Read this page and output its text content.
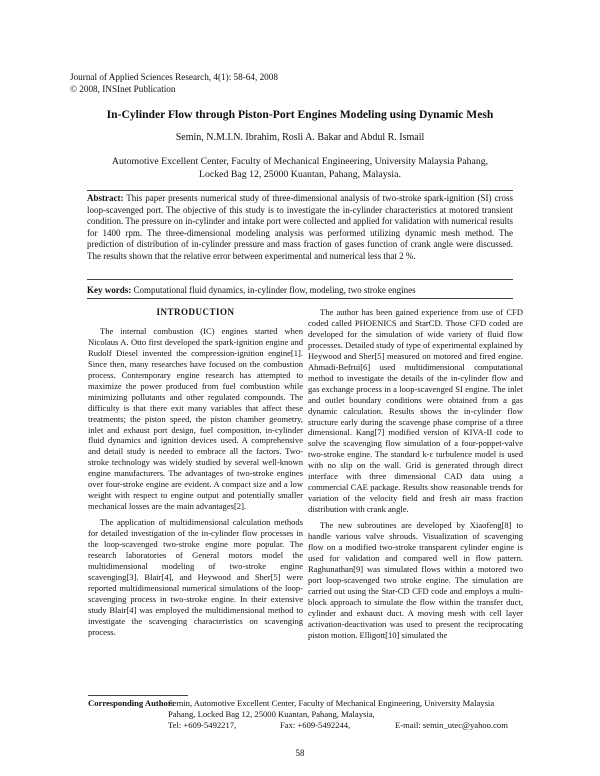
Journal of Applied Sciences Research, 4(1): 58-64, 2008
© 2008, INSInet Publication
In-Cylinder Flow through Piston-Port Engines Modeling using Dynamic Mesh
Semin, N.M.I.N. Ibrahim, Rosli A. Bakar and Abdul R. Ismail
Automotive Excellent Center, Faculty of Mechanical Engineering, University Malaysia Pahang,
Locked Bag 12, 25000 Kuantan, Pahang, Malaysia.
Abstract: This paper presents numerical study of three-dimensional analysis of two-stroke spark-ignition (SI) cross loop-scavenged port. The objective of this study is to investigate the in-cylinder characteristics at motored transient condition. The pressure on in-cylinder and intake port were collected and applied for validation with numerical results for 1400 rpm. The three-dimensional modeling analysis was performed utilizing dynamic mesh method. The prediction of distribution of in-cylinder pressure and mass fraction of gases function of crank angle were discussed. The results shown that the relative error between experimental and numerical less that 2 %.
Key words: Computational fluid dynamics, in-cylinder flow, modeling, two stroke engines
INTRODUCTION

The internal combustion (IC) engines started when Nicolaus A. Otto first developed the spark-ignition engine and Rudolf Diesel invented the compression-ignition engine[1]. Since then, many researches have focused on the combustion process. Contemporary engine research has attempted to maximize the power produced from fuel combustion while minimizing pollutants and other regulated compounds. The difficulty is that there exit many variables that affect these treatments; the piston speed, the piston chamber geometry, inlet and exhaust port design, fuel composition, in-cylinder fluid dynamics and ignition devices used. A comprehensive and detail study is needed to embrace all the factors. Two-stroke technology was widely studied by several well-known engine manufacturers. The advantages of two-stroke engines over four-stroke engine are evident. A compact size and a low weight with respect to engine output and potentially smaller mechanical losses are the main advantages[2].

The application of multidimensional calculation methods for detailed investigation of the in-cylinder flow processes in the loop-scavenged two-stroke engine more popular. The research laboratories of General motors model the multidimensional modeling of two-stroke engine scavenging[3]. Blair[4], and Heywood and Sher[5] were reported multidimensional numerical simulations of the loop-scavenging process in two-stroke engine. In their extensive study Blair[4] was employed the multidimensional method to investigate the scavenging characteristics on scavenging process.

The author has been gained experience from use of CFD coded called PHOENICS and StarCD. Those CFD coded are developed for the simulation of wide variety of fluid flow processes. Detailed study of type of experimental explained by Heywood and Sher[5] measured on motored and fired engine. Ahmadi-Befrui[6] used multidimensional computational method to investigate the details of the in-cylinder flow and gas exchange process in a loop-scavenged SI engine. The inlet and outlet boundary conditions were obtained from a gas dynamic calculation. Results shows the in-cylinder flow structure early during the scavenge phase comprise of a three dimensional. Kang[7] modified version of KIVA-II code to solve the scavenging flow simulation of a four-poppet-valve two-stroke engine. The standard k-ε turbulence model is used with no slip on the wall. Grid is generated through direct interface with three dimensional CAD data using a commercial CAE package. Results show reasonable trends for variation of the velocity field and fresh air mass fraction distribution with crank angle.

The new subroutines are developed by Xiaofeng[8] to handle various valve shrouds. Visualization of scavenging flow on a modified two-stroke transparent cylinder engine is used for validation and compared well in flow pattern. Raghunathan[9] was simulated flows within a motored two port loop-scavenged two stroke engine. The simulation are carried out using the Star-CD CFD code and employs a multi-block approach to simulate the flow within the transfer duct, cylinder and exhaust duct. A moving mesh with cell layer activation-deactivation was used to present the reciprocating piston motion. Elligott[10] simulated the

Corresponding Author:
Semin, Automotive Excellent Center, Faculty of Mechanical Engineering, University Malaysia
Pahang, Locked Bag 12, 25000 Kuantan, Pahang, Malaysia,
Tel: +609-5492217,	Fax: +609-5492244,	E-mail: semin_utec@yahoo.com
58
